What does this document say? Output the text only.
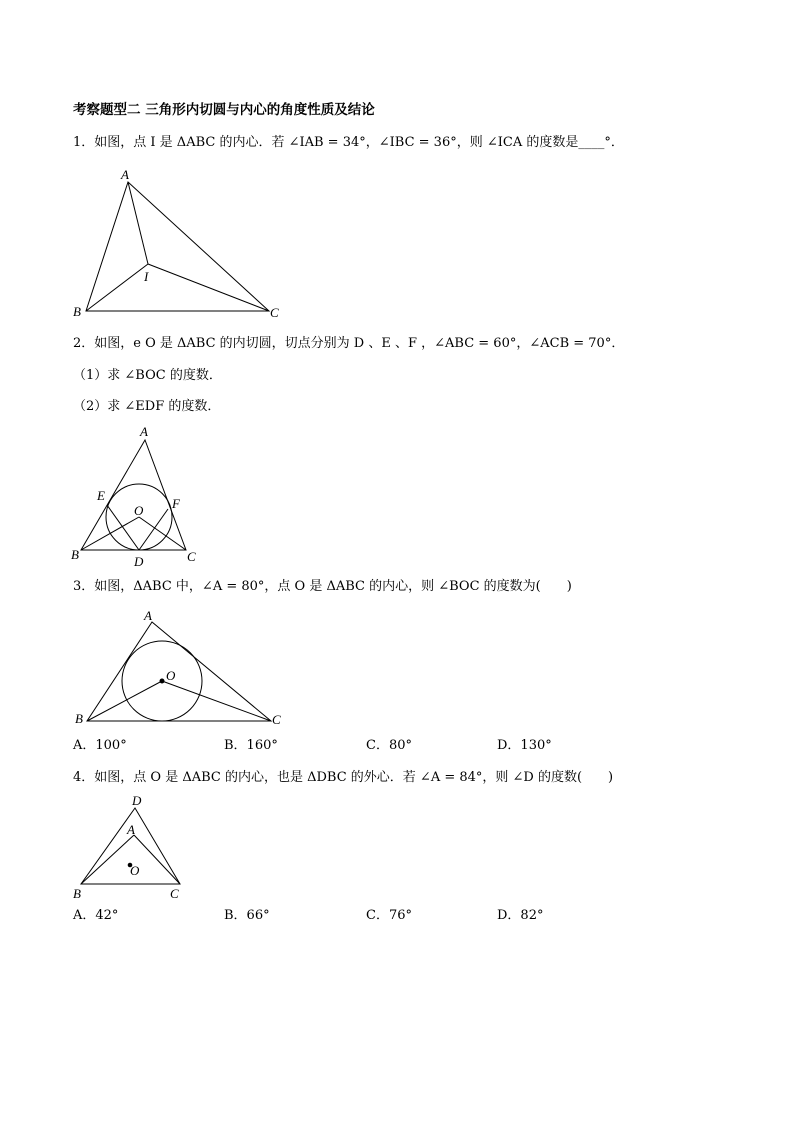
考察题型二 三角形内切圆与内心的角度性质及结论
1．如图，点 I 是 ΔABC 的内心．若 ∠IAB = 34°，∠IBC = 36°，则 ∠ICA 的度数是____°．
A
B	C
I
2．如图，e O 是 ΔABC 的内切圆，切点分别为 D 、E 、F ，∠ABC = 60°，∠ACB = 70°．
（1）求 ∠BOC 的度数．
（2）求 ∠EDF 的度数．
A
B	C
D
E
F
O
3．如图，ΔABC 中，∠A = 80°，点 O 是 ΔABC 的内心，则 ∠BOC 的度数为(　　)
A
B	C
O
A．100°	B．160°	C．80°	D．130°
4．如图，点 O 是 ΔABC 的内心，也是 ΔDBC 的外心．若 ∠A = 84°，则 ∠D 的度数(　　)
D
A
B	C
O
A．42°	B．66°	C．76°	D．82°
